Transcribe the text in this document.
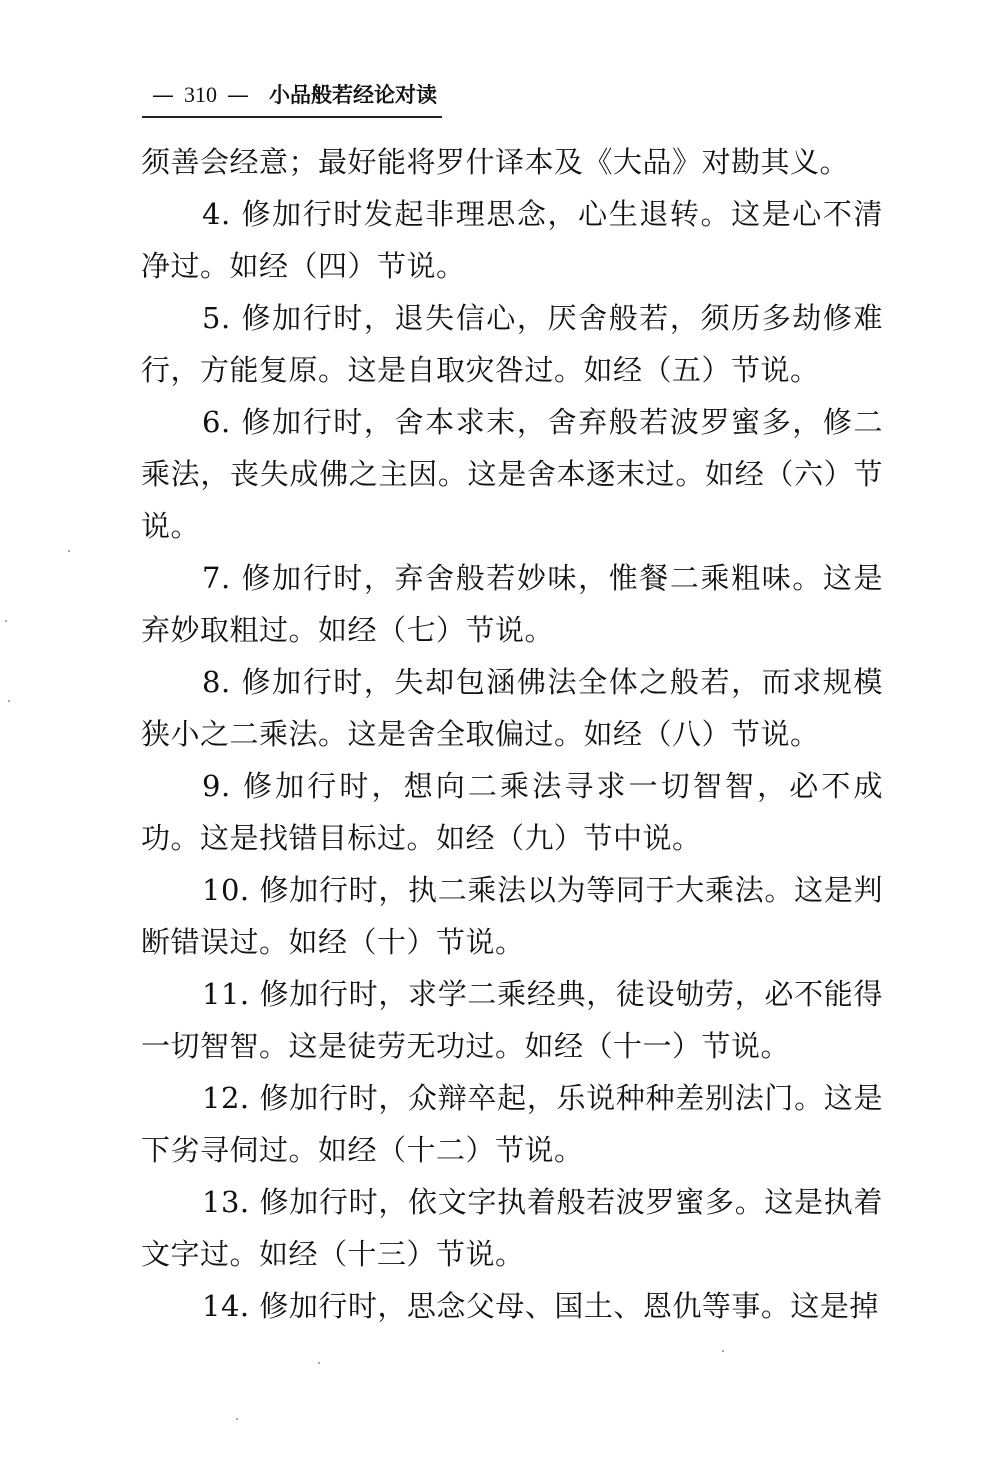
— 310 — 小品般若经论对读

须善会经意；最好能将罗什译本及《大品》对勘其义。

4. 修加行时发起非理思念，心生退转。这是心不清净过。如经（四）节说。

5. 修加行时，退失信心，厌舍般若，须历多劫修难行，方能复原。这是自取灾咎过。如经（五）节说。

6. 修加行时，舍本求末，舍弃般若波罗蜜多，修二乘法，丧失成佛之主因。这是舍本逐末过。如经（六）节说。

7. 修加行时，弃舍般若妙味，惟餐二乘粗味。这是弃妙取粗过。如经（七）节说。

8. 修加行时，失却包涵佛法全体之般若，而求规模狭小之二乘法。这是舍全取偏过。如经（八）节说。

9. 修加行时，想向二乘法寻求一切智智，必不成功。这是找错目标过。如经（九）节中说。

10. 修加行时，执二乘法以为等同于大乘法。这是判断错误过。如经（十）节说。

11. 修加行时，求学二乘经典，徒设劬劳，必不能得一切智智。这是徒劳无功过。如经（十一）节说。

12. 修加行时，众辩卒起，乐说种种差别法门。这是下劣寻伺过。如经（十二）节说。

13. 修加行时，依文字执着般若波罗蜜多。这是执着文字过。如经（十三）节说。

14. 修加行时，思念父母、国土、恩仇等事。这是掉
